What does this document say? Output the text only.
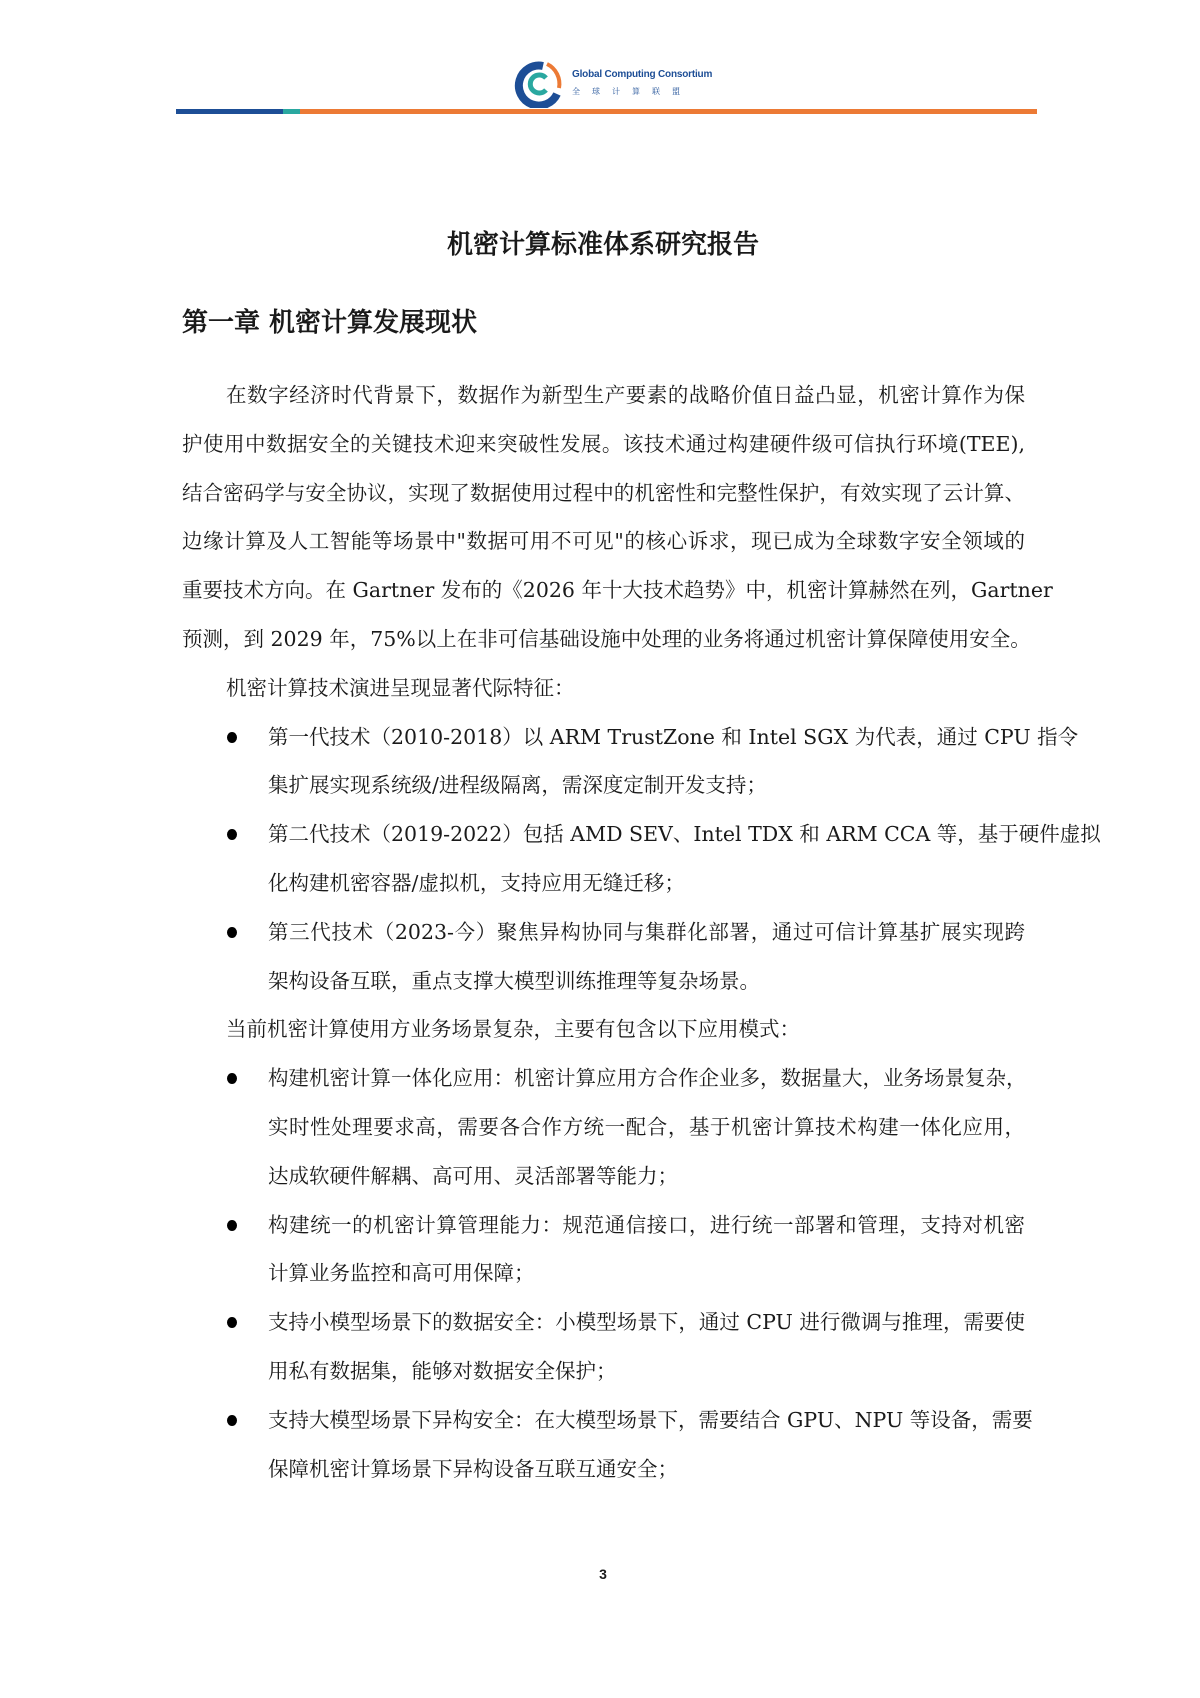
Global Computing Consortium
全球计算联盟
机密计算标准体系研究报告
第一章 机密计算发展现状
在数字经济时代背景下，数据作为新型生产要素的战略价值日益凸显，机密计算作为保
护使用中数据安全的关键技术迎来突破性发展。该技术通过构建硬件级可信执行环境(TEE),
结合密码学与安全协议，实现了数据使用过程中的机密性和完整性保护，有效实现了云计算、
边缘计算及人工智能等场景中"数据可用不可见"的核心诉求，现已成为全球数字安全领域的
重要技术方向。在 Gartner 发布的《2026 年十大技术趋势》中，机密计算赫然在列，Gartner
预测，到 2029 年，75%以上在非可信基础设施中处理的业务将通过机密计算保障使用安全。
机密计算技术演进呈现显著代际特征：
第一代技术（2010-2018）以 ARM TrustZone 和 Intel SGX 为代表，通过 CPU 指令
集扩展实现系统级/进程级隔离，需深度定制开发支持；
第二代技术（2019-2022）包括 AMD SEV、Intel TDX 和 ARM CCA 等，基于硬件虚拟
化构建机密容器/虚拟机，支持应用无缝迁移；
第三代技术（2023-今）聚焦异构协同与集群化部署，通过可信计算基扩展实现跨
架构设备互联，重点支撑大模型训练推理等复杂场景。
当前机密计算使用方业务场景复杂，主要有包含以下应用模式：
构建机密计算一体化应用：机密计算应用方合作企业多，数据量大，业务场景复杂，
实时性处理要求高，需要各合作方统一配合，基于机密计算技术构建一体化应用，
达成软硬件解耦、高可用、灵活部署等能力；
构建统一的机密计算管理能力：规范通信接口，进行统一部署和管理，支持对机密
计算业务监控和高可用保障；
支持小模型场景下的数据安全：小模型场景下，通过 CPU 进行微调与推理，需要使
用私有数据集，能够对数据安全保护；
支持大模型场景下异构安全：在大模型场景下，需要结合 GPU、NPU 等设备，需要
保障机密计算场景下异构设备互联互通安全；
3
